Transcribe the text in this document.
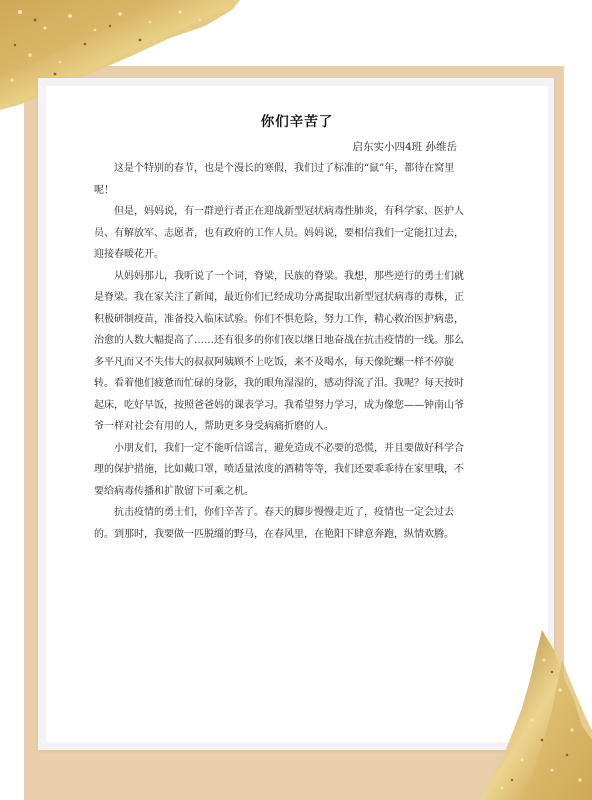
你们辛苦了
启东实小四4班 孙维岳

这是个特别的春节，也是个漫长的寒假，我们过了标准的“鼠”年，都待在窝里呢！

但是，妈妈说，有一群逆行者正在迎战新型冠状病毒性肺炎，有科学家、医护人员、有解放军、志愿者，也有政府的工作人员。妈妈说，要相信我们一定能扛过去，迎接春暖花开。

从妈妈那儿，我听说了一个词，脊梁，民族的脊梁。我想，那些逆行的勇士们就是脊梁。我在家关注了新闻，最近你们已经成功分离提取出新型冠状病毒的毒株，正积极研制疫苗，准备投入临床试验。你们不惧危险，努力工作，精心救治医护病患，治愈的人数大幅提高了……还有很多的你们夜以继日地奋战在抗击疫情的一线。那么多平凡而又不失伟大的叔叔阿姨顾不上吃饭，来不及喝水，每天像陀螺一样不停旋转。看着他们疲惫而忙碌的身影，我的眼角湿湿的，感动得流了泪。我呢？每天按时起床，吃好早饭，按照爸爸妈的课表学习。我希望努力学习，成为像您——钟南山爷爷一样对社会有用的人，帮助更多身受病痛折磨的人。

小朋友们，我们一定不能听信谣言，避免造成不必要的恐慌，并且要做好科学合理的保护措施，比如戴口罩，喷适量浓度的酒精等等，我们还要乖乖待在家里哦，不要给病毒传播和扩散留下可乘之机。

抗击疫情的勇士们，你们辛苦了。春天的脚步慢慢走近了，疫情也一定会过去的。到那时，我要做一匹脱缰的野马，在春风里，在艳阳下肆意奔跑，纵情欢腾。
